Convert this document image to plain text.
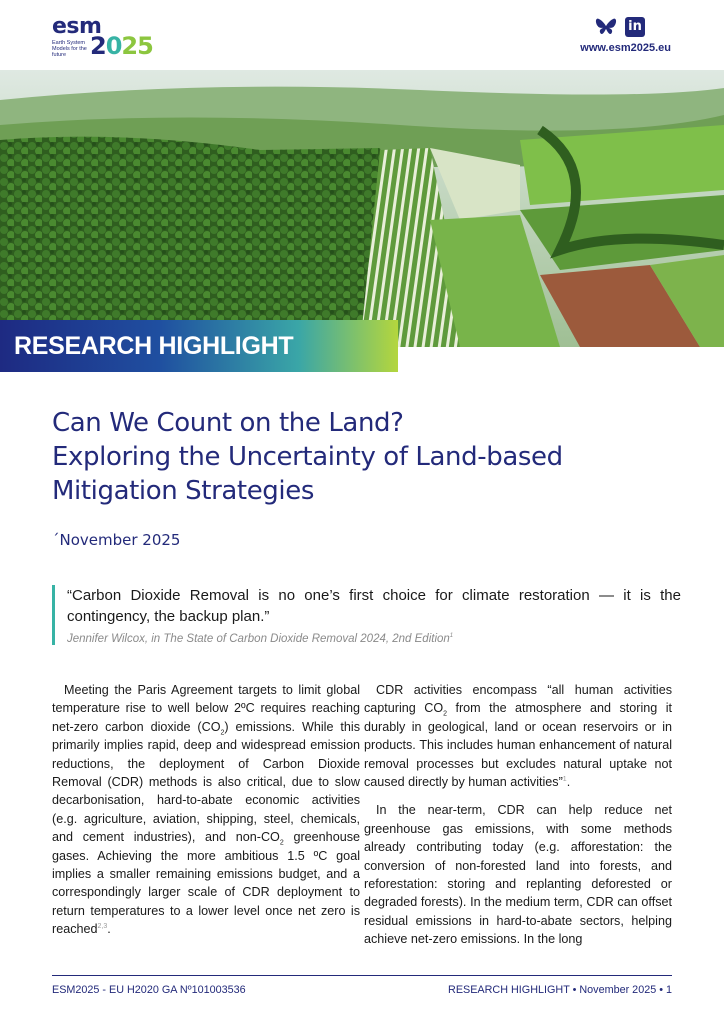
esm
Earth System Models for the future 2025
in
www.esm2025.eu
RESEARCH HIGHLIGHT
Can We Count on the Land?
Exploring the Uncertainty of Land-based
Mitigation Strategies
´November 2025

“Carbon Dioxide Removal is no one’s first choice for climate restoration — it is the contingency, the backup plan.”

Jennifer Wilcox, in The State of Carbon Dioxide Removal 2024, 2nd Edition$^1$

Meeting the Paris Agreement targets to limit global temperature rise to well below 2ºC requires reaching net-zero carbon dioxide $(CO_2)$ emissions. While this primarily implies rapid, deep and widespread emission reductions, the deployment of Carbon Dioxide Removal (CDR) methods is also critical, due to slow decarbonisation, hard-to-abate economic activities (e.g. agriculture, aviation, shipping, steel, chemicals, and cement industries), and non-$CO_2$ greenhouse gases. Achieving the more ambitious 1.5 ºC goal implies a smaller remaining emissions budget, and a correspondingly larger scale of CDR deployment to return temperatures to a lower level once net zero is reached$^{2,3}$.

CDR activities encompass “all human activities capturing $CO_2$ from the atmosphere and storing it durably in geological, land or ocean reservoirs or in products. This includes human enhancement of natural removal processes but excludes natural uptake not caused directly by human activities”$^1$.

In the near-term, CDR can help reduce net greenhouse gas emissions, with some methods already contributing today (e.g. afforestation: the conversion of non-forested land into forests, and reforestation: storing and replanting deforested or degraded forests). In the medium term, CDR can offset residual emissions in hard-to-abate sectors, helping achieve net-zero emissions. In the long

ESM2025 - EU H2020 GA Nº101003536	RESEARCH HIGHLIGHT • November 2025 • 1
